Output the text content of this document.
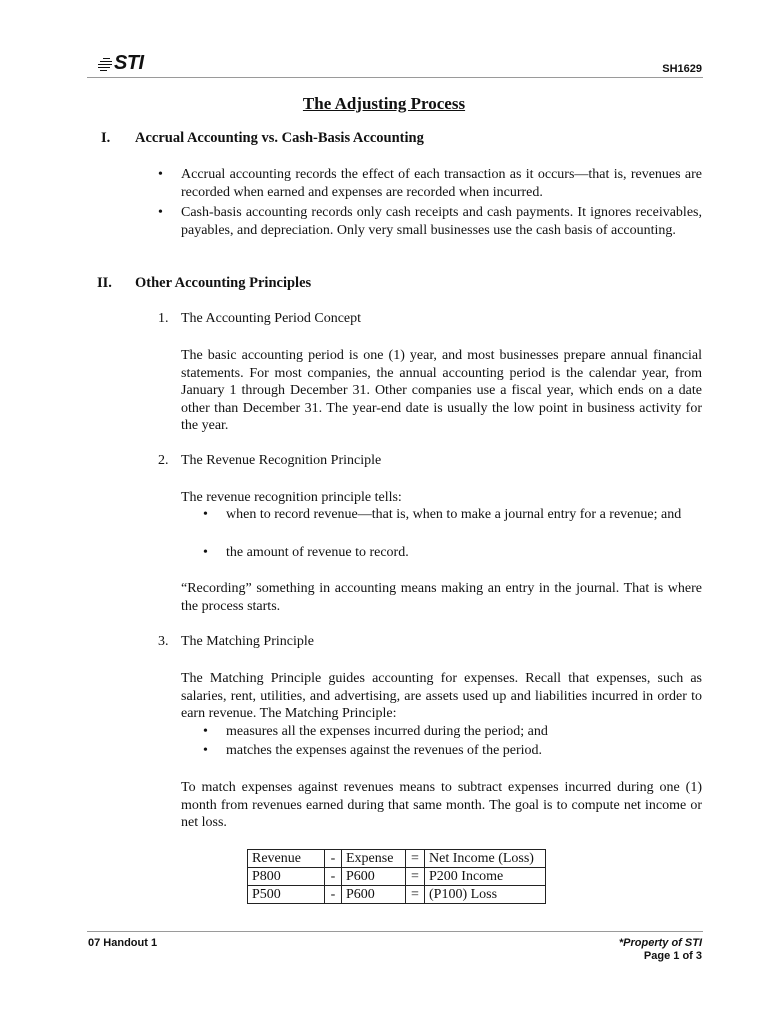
STI	SH1629
The Adjusting Process
I. Accrual Accounting vs. Cash-Basis Accounting
• Accrual accounting records the effect of each transaction as it occurs—that is, revenues are recorded when earned and expenses are recorded when incurred.
• Cash-basis accounting records only cash receipts and cash payments. It ignores receivables, payables, and depreciation. Only very small businesses use the cash basis of accounting.
II. Other Accounting Principles
1. The Accounting Period Concept
The basic accounting period is one (1) year, and most businesses prepare annual financial statements. For most companies, the annual accounting period is the calendar year, from January 1 through December 31. Other companies use a fiscal year, which ends on a date other than December 31. The year-end date is usually the low point in business activity for the year.
2. The Revenue Recognition Principle
The revenue recognition principle tells:
• when to record revenue—that is, when to make a journal entry for a revenue; and
• the amount of revenue to record.
“Recording” something in accounting means making an entry in the journal. That is where the process starts.
3. The Matching Principle
The Matching Principle guides accounting for expenses. Recall that expenses, such as salaries, rent, utilities, and advertising, are assets used up and liabilities incurred in order to earn revenue. The Matching Principle:
• measures all the expenses incurred during the period; and
• matches the expenses against the revenues of the period.
To match expenses against revenues means to subtract expenses incurred during one (1) month from revenues earned during that same month. The goal is to compute net income or net loss.
Revenue	-	Expense	=	Net Income (Loss)
P800	-	P600	=	P200 Income
P500	-	P600	=	(P100) Loss
07 Handout 1	*Property of STI
Page 1 of 3
